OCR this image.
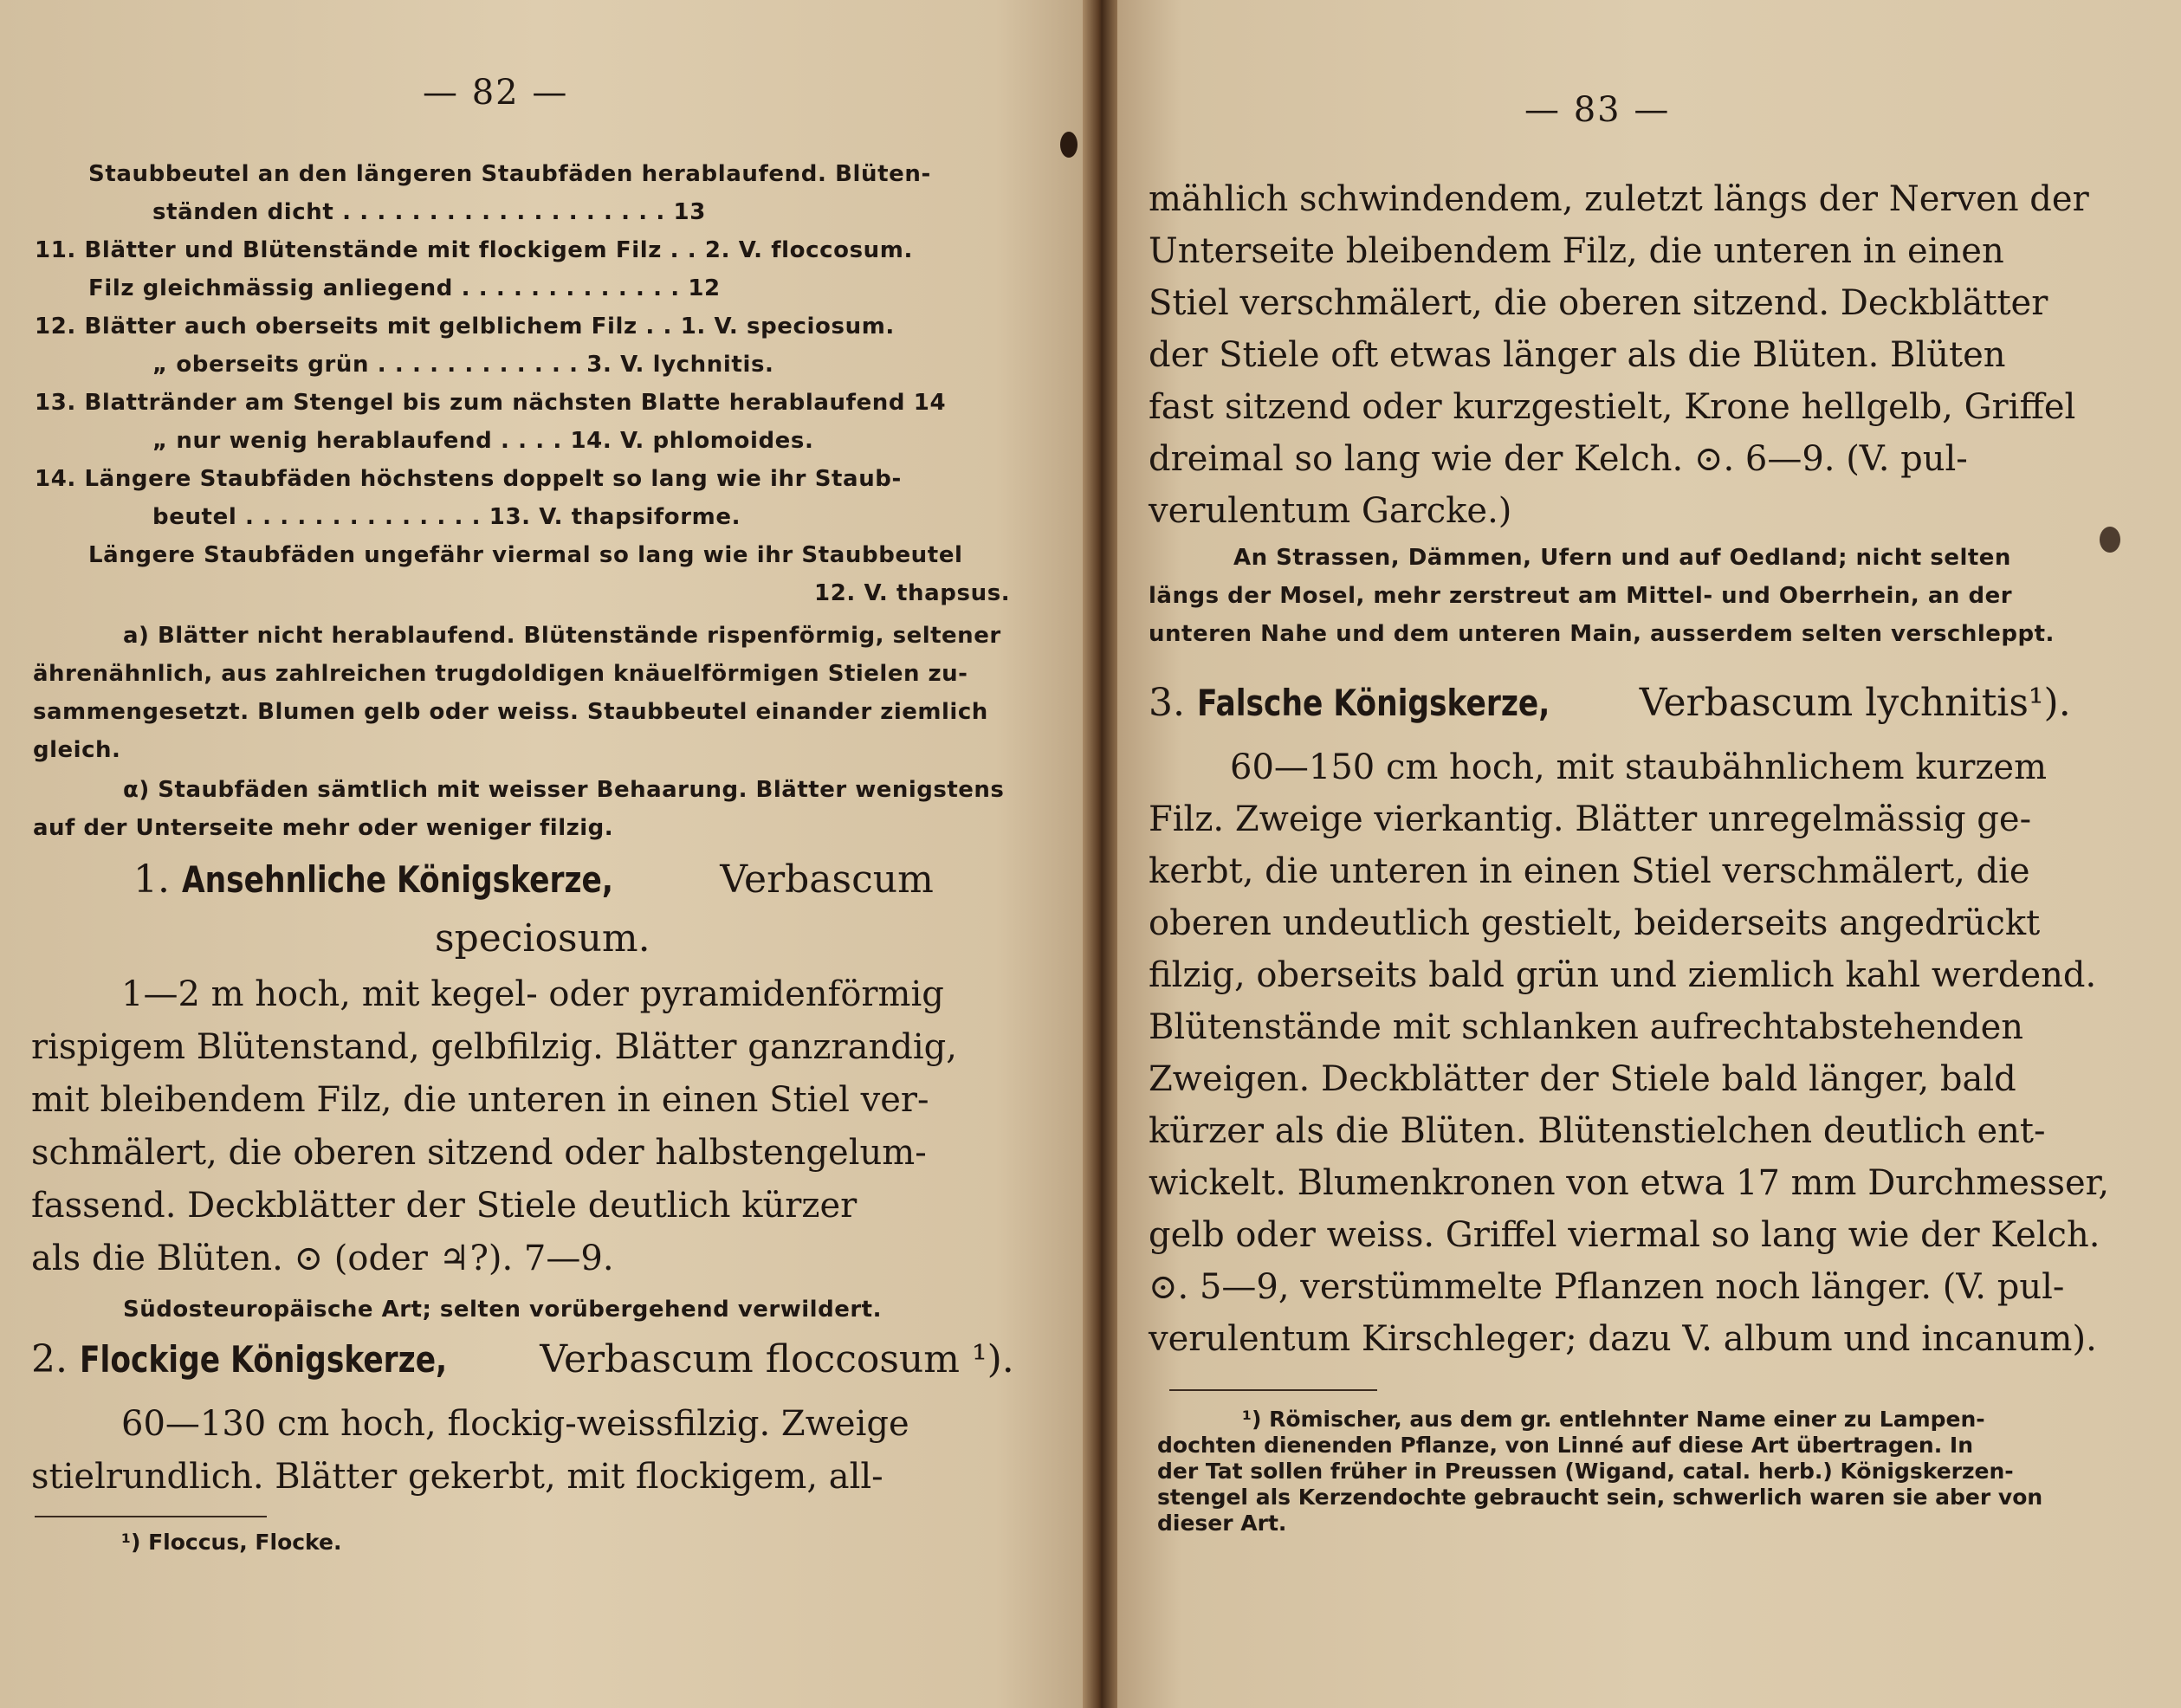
— 82 —
Staubbeutel an den längeren Staubfäden herablaufend. Blüten-
ständen dicht . . . . . . . . . . . . . . . . . . . 13
11. Blätter und Blütenstände mit flockigem Filz . . 2. V. floccosum.
Filz gleichmässig anliegend . . . . . . . . . . . . . 12
12. Blätter auch oberseits mit gelblichem Filz . . 1. V. speciosum.
„ oberseits grün . . . . . . . . . . . . 3. V. lychnitis.
13. Blattränder am Stengel bis zum nächsten Blatte herablaufend 14
„ nur wenig herablaufend . . . . 14. V. phlomoides.
14. Längere Staubfäden höchstens doppelt so lang wie ihr Staub-
beutel . . . . . . . . . . . . . . 13. V. thapsiforme.
Längere Staubfäden ungefähr viermal so lang wie ihr Staubbeutel
12. V. thapsus.
a) Blätter nicht herablaufend. Blütenstände rispenförmig, seltener
ährenähnlich, aus zahlreichen trugdoldigen knäuelförmigen Stielen zu-
sammengesetzt. Blumen gelb oder weiss. Staubbeutel einander ziemlich
gleich.
α) Staubfäden sämtlich mit weisser Behaarung. Blätter wenigstens
auf der Unterseite mehr oder weniger filzig.
1. Ansehnliche Königskerze,	Verbascum
speciosum.
1—2 m hoch, mit kegel- oder pyramidenförmig
rispigem Blütenstand, gelbfilzig. Blätter ganzrandig,
mit bleibendem Filz, die unteren in einen Stiel ver-
schmälert, die oberen sitzend oder halbstengelum-
fassend. Deckblätter der Stiele deutlich kürzer
als die Blüten. ⊙ (oder ♃?). 7—9.
Südosteuropäische Art; selten vorübergehend verwildert.
2. Flockige Königskerze, Verbascum floccosum ¹).
60—130 cm hoch, flockig-weissfilzig. Zweige
stielrundlich. Blätter gekerbt, mit flockigem, all-
¹) Floccus, Flocke.
— 83 —
mählich schwindendem, zuletzt längs der Nerven der
Unterseite bleibendem Filz, die unteren in einen
Stiel verschmälert, die oberen sitzend. Deckblätter
der Stiele oft etwas länger als die Blüten. Blüten
fast sitzend oder kurzgestielt, Krone hellgelb, Griffel
dreimal so lang wie der Kelch. ⊙. 6—9. (V. pul-
verulentum Garcke.)
An Strassen, Dämmen, Ufern und auf Oedland; nicht selten
längs der Mosel, mehr zerstreut am Mittel- und Oberrhein, an der
unteren Nahe und dem unteren Main, ausserdem selten verschleppt.
3. Falsche Königskerze, Verbascum lychnitis¹).
60—150 cm hoch, mit staubähnlichem kurzem
Filz. Zweige vierkantig. Blätter unregelmässig ge-
kerbt, die unteren in einen Stiel verschmälert, die
oberen undeutlich gestielt, beiderseits angedrückt
filzig, oberseits bald grün und ziemlich kahl werdend.
Blütenstände mit schlanken aufrechtabstehenden
Zweigen. Deckblätter der Stiele bald länger, bald
kürzer als die Blüten. Blütenstielchen deutlich ent-
wickelt. Blumenkronen von etwa 17 mm Durchmesser,
gelb oder weiss. Griffel viermal so lang wie der Kelch.
⊙. 5—9, verstümmelte Pflanzen noch länger. (V. pul-
verulentum Kirschleger; dazu V. album und incanum).
¹) Römischer, aus dem gr. entlehnter Name einer zu Lampen-
dochten dienenden Pflanze, von Linné auf diese Art übertragen. In
der Tat sollen früher in Preussen (Wigand, catal. herb.) Königskerzen-
stengel als Kerzendochte gebraucht sein, schwerlich waren sie aber von
dieser Art.
